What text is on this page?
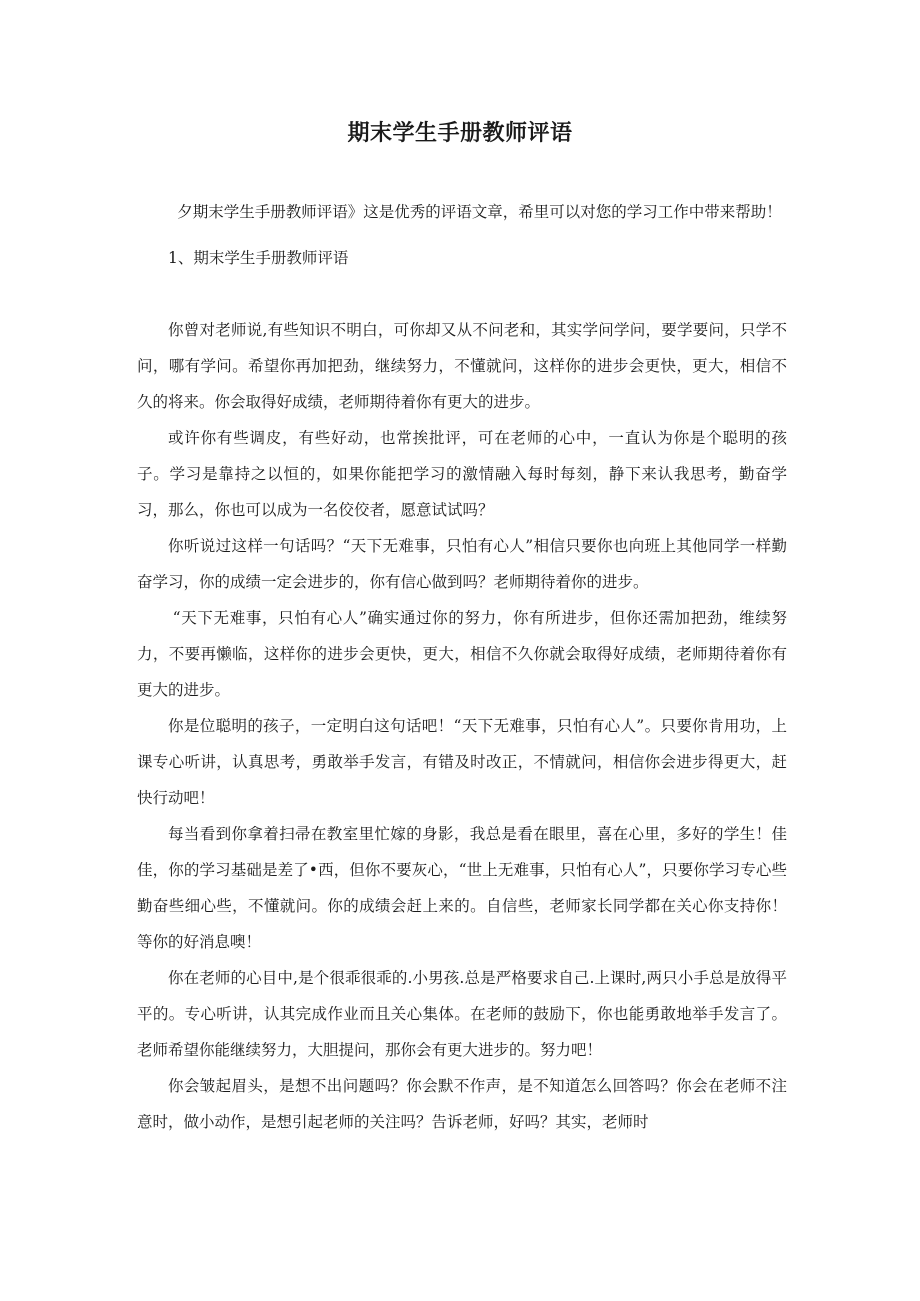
期末学生手册教师评语

夕期末学生手册教师评语》这是优秀的评语文章，希里可以对您的学习工作中带来帮助！

1、期末学生手册教师评语

你曾对老师说,有些知识不明白，可你却又从不问老和，其实学问学问，要学要问，只学不问，哪有学问。希望你再加把劲，继续努力，不懂就问，这样你的进步会更快，更大，相信不久的将来。你会取得好成绩，老师期待着你有更大的进步。

或许你有些调皮，有些好动，也常挨批评，可在老师的心中，一直认为你是个聪明的孩子。学习是靠持之以恒的，如果你能把学习的激情融入每时每刻，静下来认我思考，勤奋学习，那么，你也可以成为一名佼佼者，愿意试试吗？

你听说过这样一句话吗？“天下无难事，只怕有心人”相信只要你也向班上其他同学一样勤奋学习，你的成绩一定会进步的，你有信心做到吗？老师期待着你的进步。

“天下无难事，只怕有心人”确实通过你的努力，你有所进步，但你还需加把劲，维续努力，不要再懒临，这样你的进步会更快，更大，相信不久你就会取得好成绩，老师期待着你有更大的进步。

你是位聪明的孩子，一定明白这句话吧！“天下无难事，只怕有心人”。只要你肯用功，上课专心听讲，认真思考，勇敢举手发言，有错及时改正，不情就问，相信你会进步得更大，赶快行动吧！

每当看到你拿着扫帚在教室里忙嫁的身影，我总是看在眼里，喜在心里，多好的学生！佳佳，你的学习基础是差了•西，但你不要灰心，“世上无难事，只怕有心人”，只要你学习专心些勤奋些细心些，不懂就问。你的成绩会赶上来的。自信些，老师家长同学都在关心你支持你！等你的好消息噢！

你在老师的心目中,是个很乖很乖的.小男孩.总是严格要求自己.上课时,两只小手总是放得平平的。专心听讲，认其完成作业而且关心集体。在老师的鼓励下，你也能勇敢地举手发言了。老师希望你能继续努力，大胆提问，那你会有更大进步的。努力吧！

你会皱起眉头，是想不出问题吗？你会默不作声，是不知道怎么回答吗？你会在老师不注意时，做小动作，是想引起老师的关注吗？告诉老师，好吗？其实，老师时
